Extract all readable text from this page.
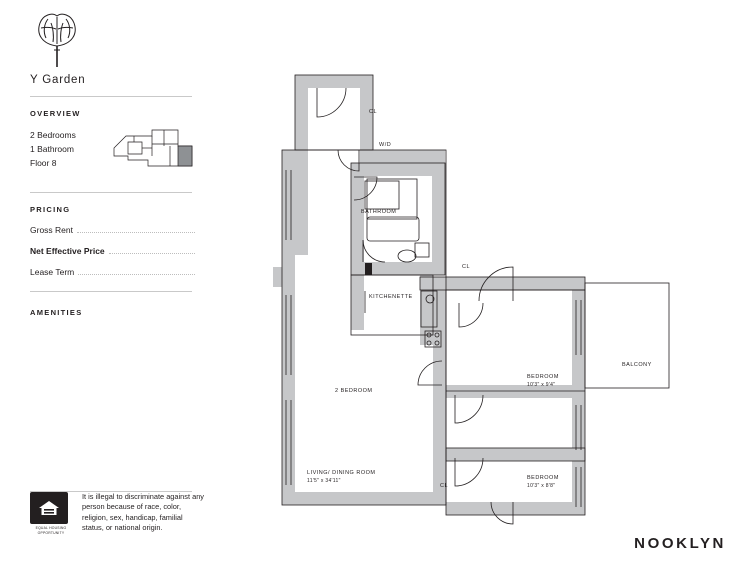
Y Garden
OVERVIEW
2 Bedrooms
1 Bathroom
Floor 8
PRICING
Gross Rent
Net Effective Price
Lease Term
AMENITIES
EQUAL HOUSING
OPPORTUNITY
It is illegal to discriminate against any person because of race, color, religion, sex, handicap, familial status, or national origin.
NOOKLYN
CL
W/D
BATHROOM
KITCHENETTE
CL
BALCONY
BEDROOM
10'3" x 9'4"
2 BEDROOM
BEDROOM
10'3" x 8'8"
CL
LIVING/ DINING ROOM
11'5" x 34'11"
